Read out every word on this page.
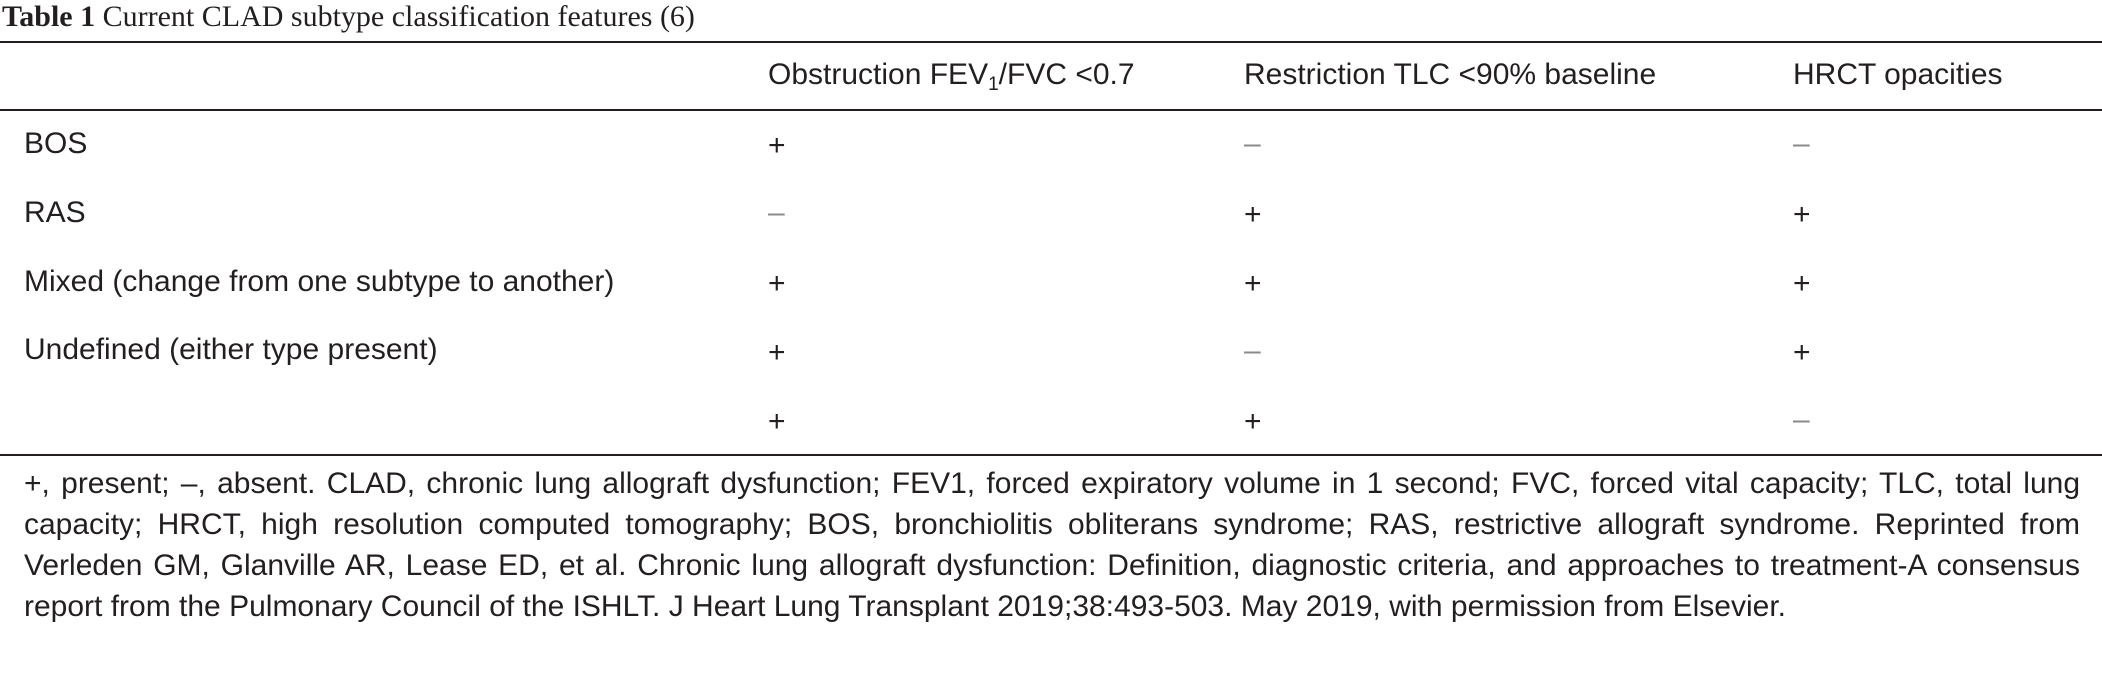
Table 1 Current CLAD subtype classification features (6)
Obstruction $FEV_1$/FVC <0.7	Restriction TLC <90% baseline	HRCT opacities
BOS	+	–	–
RAS	–	+	+
Mixed (change from one subtype to another)	+	+	+
Undefined (either type present)	+	–	+
+	+	–
+, present; –, absent. CLAD, chronic lung allograft dysfunction; FEV1, forced expiratory volume in 1 second; FVC, forced vital capacity; TLC, total lung capacity; HRCT, high resolution computed tomography; BOS, bronchiolitis obliterans syndrome; RAS, restrictive allograft syndrome. Reprinted from Verleden GM, Glanville AR, Lease ED, et al. Chronic lung allograft dysfunction: Definition, diagnostic criteria, and approaches to treatment-A consensus report from the Pulmonary Council of the ISHLT. J Heart Lung Transplant 2019;38:493-503. May 2019, with permission from Elsevier.
